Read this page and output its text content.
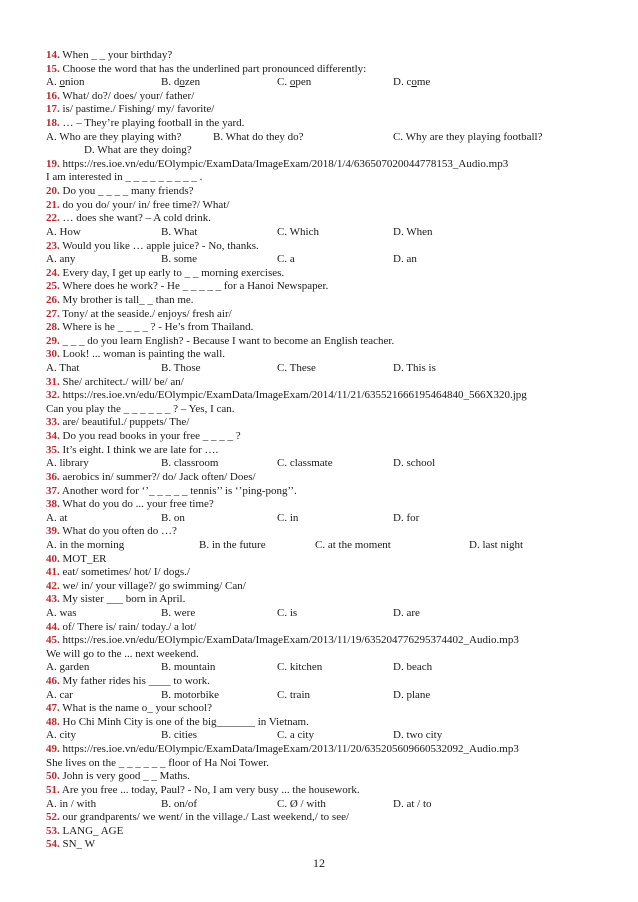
14. When _ _ your birthday?
15. Choose the word that has the underlined part pronounced differently:
A. onion	B. dozen	C. open	D. come
16. What/ do?/ does/ your/ father/
17. is/ pastime./ Fishing/ my/ favorite/
18. … – They’re playing football in the yard.
A. Who are they playing with?	B. What do they do?	C. Why are they playing football?
D. What are they doing?
19. https://res.ioe.vn/edu/EOlympic/ExamData/ImageExam/2018/1/4/636507020044778153_Audio.mp3
I am interested in _ _ _ _ _ _ _ _ _ .
20. Do you _ _ _ _ many friends?
21. do you do/ your/ in/ free time?/ What/
22. … does she want? – A cold drink.
A. How	B. What	C. Which	D. When
23. Would you like … apple juice? - No, thanks.
A. any	B. some	C. a	D. an
24. Every day, I get up early to _ _ morning exercises.
25. Where does he work? - He _ _ _ _ _ for a Hanoi Newspaper.
26. My brother is tall_ _ than me.
27. Tony/ at the seaside./ enjoys/ fresh air/
28. Where is he _ _ _ _ ? - He’s from Thailand.
29. _ _ _ do you learn English? - Because I want to become an English teacher.
30. Look! ... woman is painting the wall.
A. That	B. Those	C. These	D. This is
31. She/ architect./ will/ be/ an/
32. https://res.ioe.vn/edu/EOlympic/ExamData/ImageExam/2014/11/21/635521666195464840_566X320.jpg
Can you play the _ _ _ _ _ _ ? – Yes, I can.
33. are/ beautiful./ puppets/ The/
34. Do you read books in your free _ _ _ _ ?
35. It’s eight. I think we are late for ….
A. library	B. classroom	C. classmate	D. school
36. aerobics in/ summer?/ do/ Jack often/ Does/
37. Another word for ‘’_ _ _ _ _ tennis’’ is ‘’ping-pong’’.
38. What do you do ... your free time?
A. at	B. on	C. in	D. for
39. What do you often do …?
A. in the morning	B. in the future	C. at the moment	D. last night
40. MOT_ER
41. eat/ sometimes/ hot/ I/ dogs./
42. we/ in/ your village?/ go swimming/ Can/
43. My sister ___ born in April.
A. was	B. were	C. is	D. are
44. of/ There is/ rain/ today./ a lot/
45. https://res.ioe.vn/edu/EOlympic/ExamData/ImageExam/2013/11/19/635204776295374402_Audio.mp3
We will go to the ... next weekend.
A. garden	B. mountain	C. kitchen	D. beach
46. My father rides his ____ to work.
A. car	B. motorbike	C. train	D. plane
47. What is the name o_ your school?
48. Ho Chi Minh City is one of the big_______ in Vietnam.
A. city	B. cities	C. a city	D. two city
49. https://res.ioe.vn/edu/EOlympic/ExamData/ImageExam/2013/11/20/635205609660532092_Audio.mp3
She lives on the _ _ _ _ _ _ floor of Ha Noi Tower.
50. John is very good _ _ Maths.
51. Are you free ... today, Paul? - No, I am very busy ... the housework.
A. in / with	B. on/of	C. Ø / with	D. at / to
52. our grandparents/ we went/ in the village./ Last weekend,/ to see/
53. LANG_ AGE
54. SN_ W
12
